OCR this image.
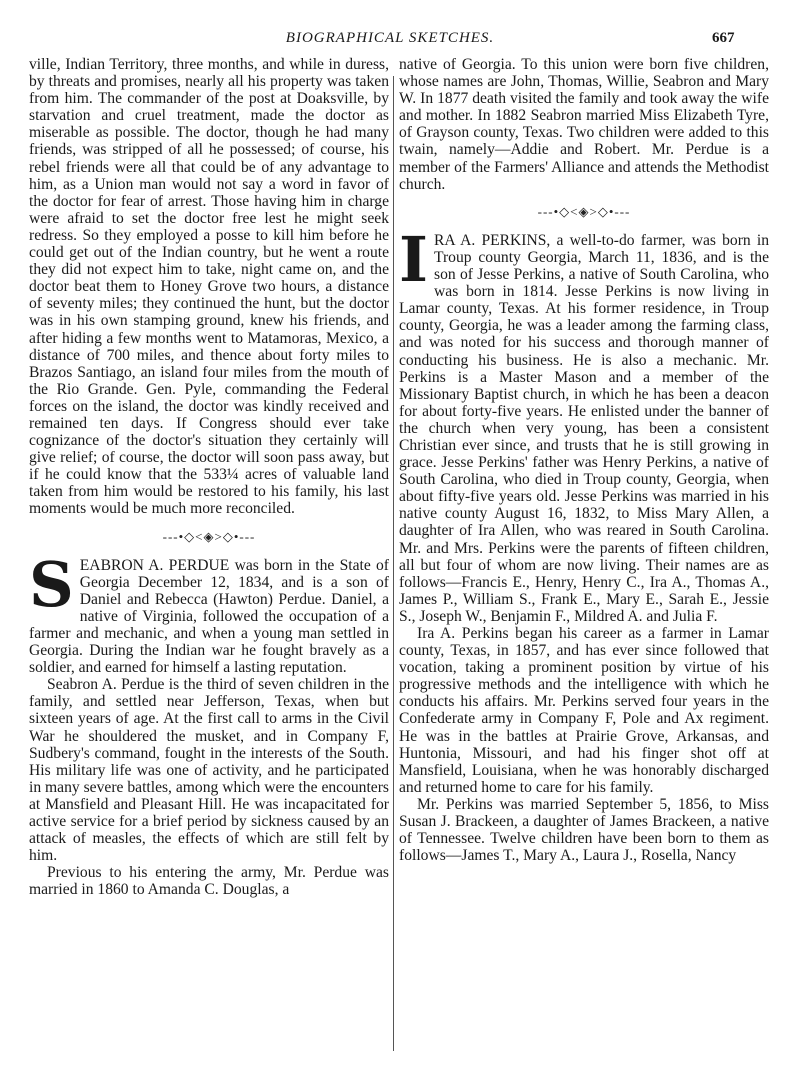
BIOGRAPHICAL SKETCHES.	667

ville, Indian Territory, three months, and while in duress, by threats and promises, nearly all his property was taken from him. The commander of the post at Doaksville, by starvation and cruel treatment, made the doctor as miserable as possible. The doctor, though he had many friends, was stripped of all he possessed; of course, his rebel friends were all that could be of any advantage to him, as a Union man would not say a word in favor of the doctor for fear of arrest. Those having him in charge were afraid to set the doctor free lest he might seek redress. So they employed a posse to kill him before he could get out of the Indian country, but he went a route they did not expect him to take, night came on, and the doctor beat them to Honey Grove two hours, a distance of seventy miles; they continued the hunt, but the doctor was in his own stamping ground, knew his friends, and after hiding a few months went to Matamoras, Mexico, a distance of 700 miles, and thence about forty miles to Brazos Santiago, an island four miles from the mouth of the Rio Grande. Gen. Pyle, commanding the Federal forces on the island, the doctor was kindly received and remained ten days. If Congress should ever take cognizance of the doctor's situation they certainly will give relief; of course, the doctor will soon pass away, but if he could know that the 533¼ acres of valuable land taken from him would be restored to his family, his last moments would be much more reconciled.

---•◇<◈>◇•---

SEABRON A. PERDUE was born in the State of Georgia December 12, 1834, and is a son of Daniel and Rebecca (Hawton) Perdue. Daniel, a native of Virginia, followed the occupation of a farmer and mechanic, and when a young man settled in Georgia. During the Indian war he fought bravely as a soldier, and earned for himself a lasting reputation.

Seabron A. Perdue is the third of seven children in the family, and settled near Jefferson, Texas, when but sixteen years of age. At the first call to arms in the Civil War he shouldered the musket, and in Company F, Sudbery's command, fought in the interests of the South. His military life was one of activity, and he participated in many severe battles, among which were the encounters at Mansfield and Pleasant Hill. He was incapacitated for active service for a brief period by sickness caused by an attack of measles, the effects of which are still felt by him.

Previous to his entering the army, Mr. Perdue was married in 1860 to Amanda C. Douglas, a

native of Georgia. To this union were born five children, whose names are John, Thomas, Willie, Seabron and Mary W. In 1877 death visited the family and took away the wife and mother. In 1882 Seabron married Miss Elizabeth Tyre, of Grayson county, Texas. Two children were added to this twain, namely—Addie and Robert. Mr. Perdue is a member of the Farmers' Alliance and attends the Methodist church.

---•◇<◈>◇•---

IRA A. PERKINS, a well-to-do farmer, was born in Troup county Georgia, March 11, 1836, and is the son of Jesse Perkins, a native of South Carolina, who was born in 1814. Jesse Perkins is now living in Lamar county, Texas. At his former residence, in Troup county, Georgia, he was a leader among the farming class, and was noted for his success and thorough manner of conducting his business. He is also a mechanic. Mr. Perkins is a Master Mason and a member of the Missionary Baptist church, in which he has been a deacon for about forty-five years. He enlisted under the banner of the church when very young, has been a consistent Christian ever since, and trusts that he is still growing in grace. Jesse Perkins' father was Henry Perkins, a native of South Carolina, who died in Troup county, Georgia, when about fifty-five years old. Jesse Perkins was married in his native county August 16, 1832, to Miss Mary Allen, a daughter of Ira Allen, who was reared in South Carolina. Mr. and Mrs. Perkins were the parents of fifteen children, all but four of whom are now living. Their names are as follows—Francis E., Henry, Henry C., Ira A., Thomas A., James P., William S., Frank E., Mary E., Sarah E., Jessie S., Joseph W., Benjamin F., Mildred A. and Julia F.

Ira A. Perkins began his career as a farmer in Lamar county, Texas, in 1857, and has ever since followed that vocation, taking a prominent position by virtue of his progressive methods and the intelligence with which he conducts his affairs. Mr. Perkins served four years in the Confederate army in Company F, Pole and Ax regiment. He was in the battles at Prairie Grove, Arkansas, and Huntonia, Missouri, and had his finger shot off at Mansfield, Louisiana, when he was honorably discharged and returned home to care for his family.

Mr. Perkins was married September 5, 1856, to Miss Susan J. Brackeen, a daughter of James Brackeen, a native of Tennessee. Twelve children have been born to them as follows—James T., Mary A., Laura J., Rosella, Nancy
